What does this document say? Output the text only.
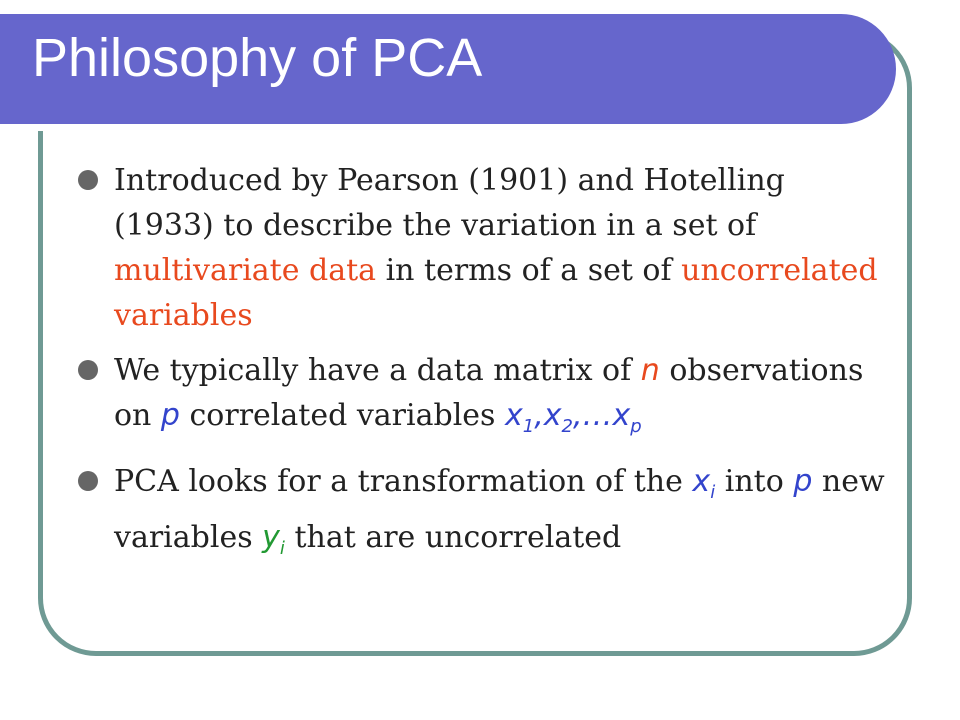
Philosophy of PCA
Introduced by Pearson (1901) and Hotelling (1933) to describe the variation in a set of multivariate data in terms of a set of uncorrelated variables
We typically have a data matrix of n observations on p correlated variables $x_1,x_2,\dots x_p$
PCA looks for a transformation of the $x_i$ into p new variables $y_i$ that are uncorrelated
